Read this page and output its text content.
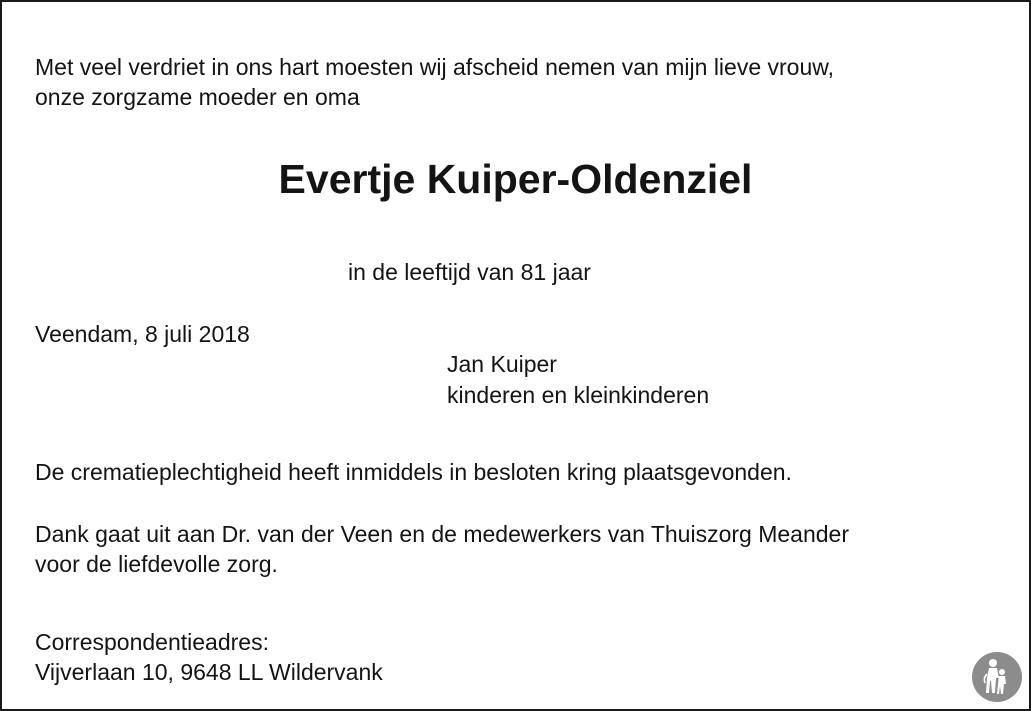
Met veel verdriet in ons hart moesten wij afscheid nemen van mijn lieve vrouw,
onze zorgzame moeder en oma
Evertje Kuiper-Oldenziel
in de leeftijd van 81 jaar
Veendam, 8 juli 2018
Jan Kuiper
kinderen en kleinkinderen
De crematieplechtigheid heeft inmiddels in besloten kring plaatsgevonden.
Dank gaat uit aan Dr. van der Veen en de medewerkers van Thuiszorg Meander
voor de liefdevolle zorg.
Correspondentieadres:
Vijverlaan 10, 9648 LL Wildervank
